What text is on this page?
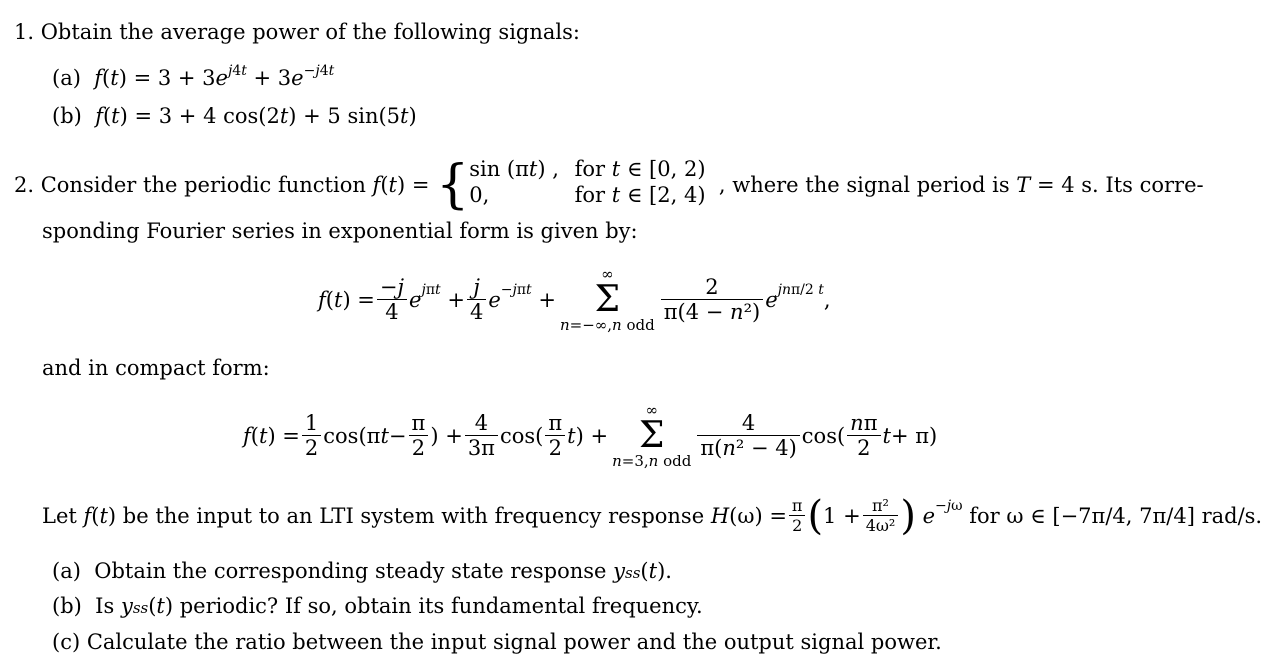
1. Obtain the average power of the following signals:
(a)  $f(t) = 3 + 3e^{j4t} + 3e^{-j4t}$
(b)  f(t) = 3 + 4 cos(2t) + 5 sin(5t)
2. Consider the periodic function f(t) = { sin (πt) ,  for t ∈ [0, 2)
0,	for t ∈ [2, 4) , where the signal period is T = 4 s. Its corre-
sponding Fourier series in exponential form is given by:
f ( t ) = $\frac{-j}{4}$ e $j\pi t + \frac{j}{4}$ e −jπt +
∞
Σ
n=−∞,n odd
$\frac{2}{\text{π(4 − n²)}}$ e jnπ/2 t ,
and in compact form:
f ( t ) = $\frac{1}{2} \cos(\pi$ $t - \frac{\pi}{2}$ ) + $\frac{4}{3\pi} \cos( \frac{\pi}{2}$ t ) +
∞
Σ
n=3,n odd
$\frac{4}{\text{π(n² − 4)}} \cos( \frac{n\pi}{2}$ t + π)
Let f ( t ) be the input to an LTI system with frequency response H $(\omega) = \frac{\pi}{2}$ ( $1 + \frac{\text{π²}}{\text{4ω²}}$ ) e −jω for ω ∈ [−7π/4, 7π/4] rad/s.
(a)  Obtain the corresponding steady state response yss(t).
(b)  Is yss(t) periodic? If so, obtain its fundamental frequency.
(c) Calculate the ratio between the input signal power and the output signal power.
